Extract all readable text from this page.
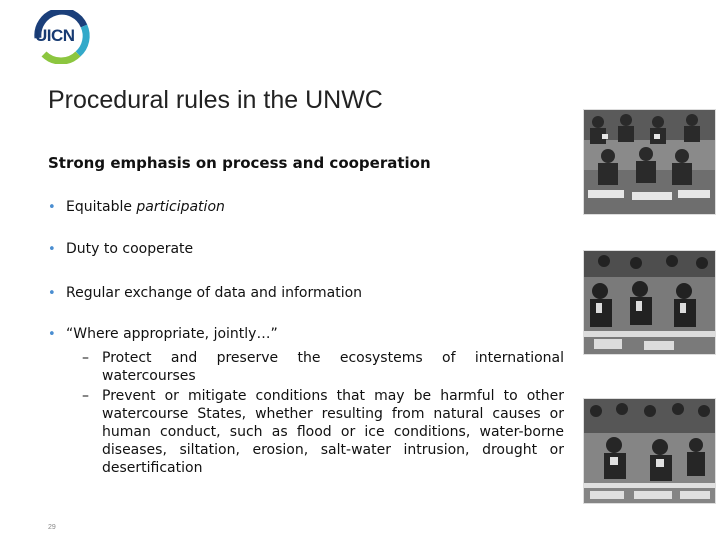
UICN
Procedural rules in the UNWC
Strong emphasis on process and cooperation
• Equitable participation
• Duty to cooperate
• Regular exchange of data and information
• “Where appropriate, jointly…”
– Protect and preserve the ecosystems of international watercourses
– Prevent or mitigate conditions that may be harmful to other watercourse States, whether resulting from natural causes or human conduct, such as flood or ice conditions, water-borne diseases, siltation, erosion, salt-water intrusion, drought or desertification
29
